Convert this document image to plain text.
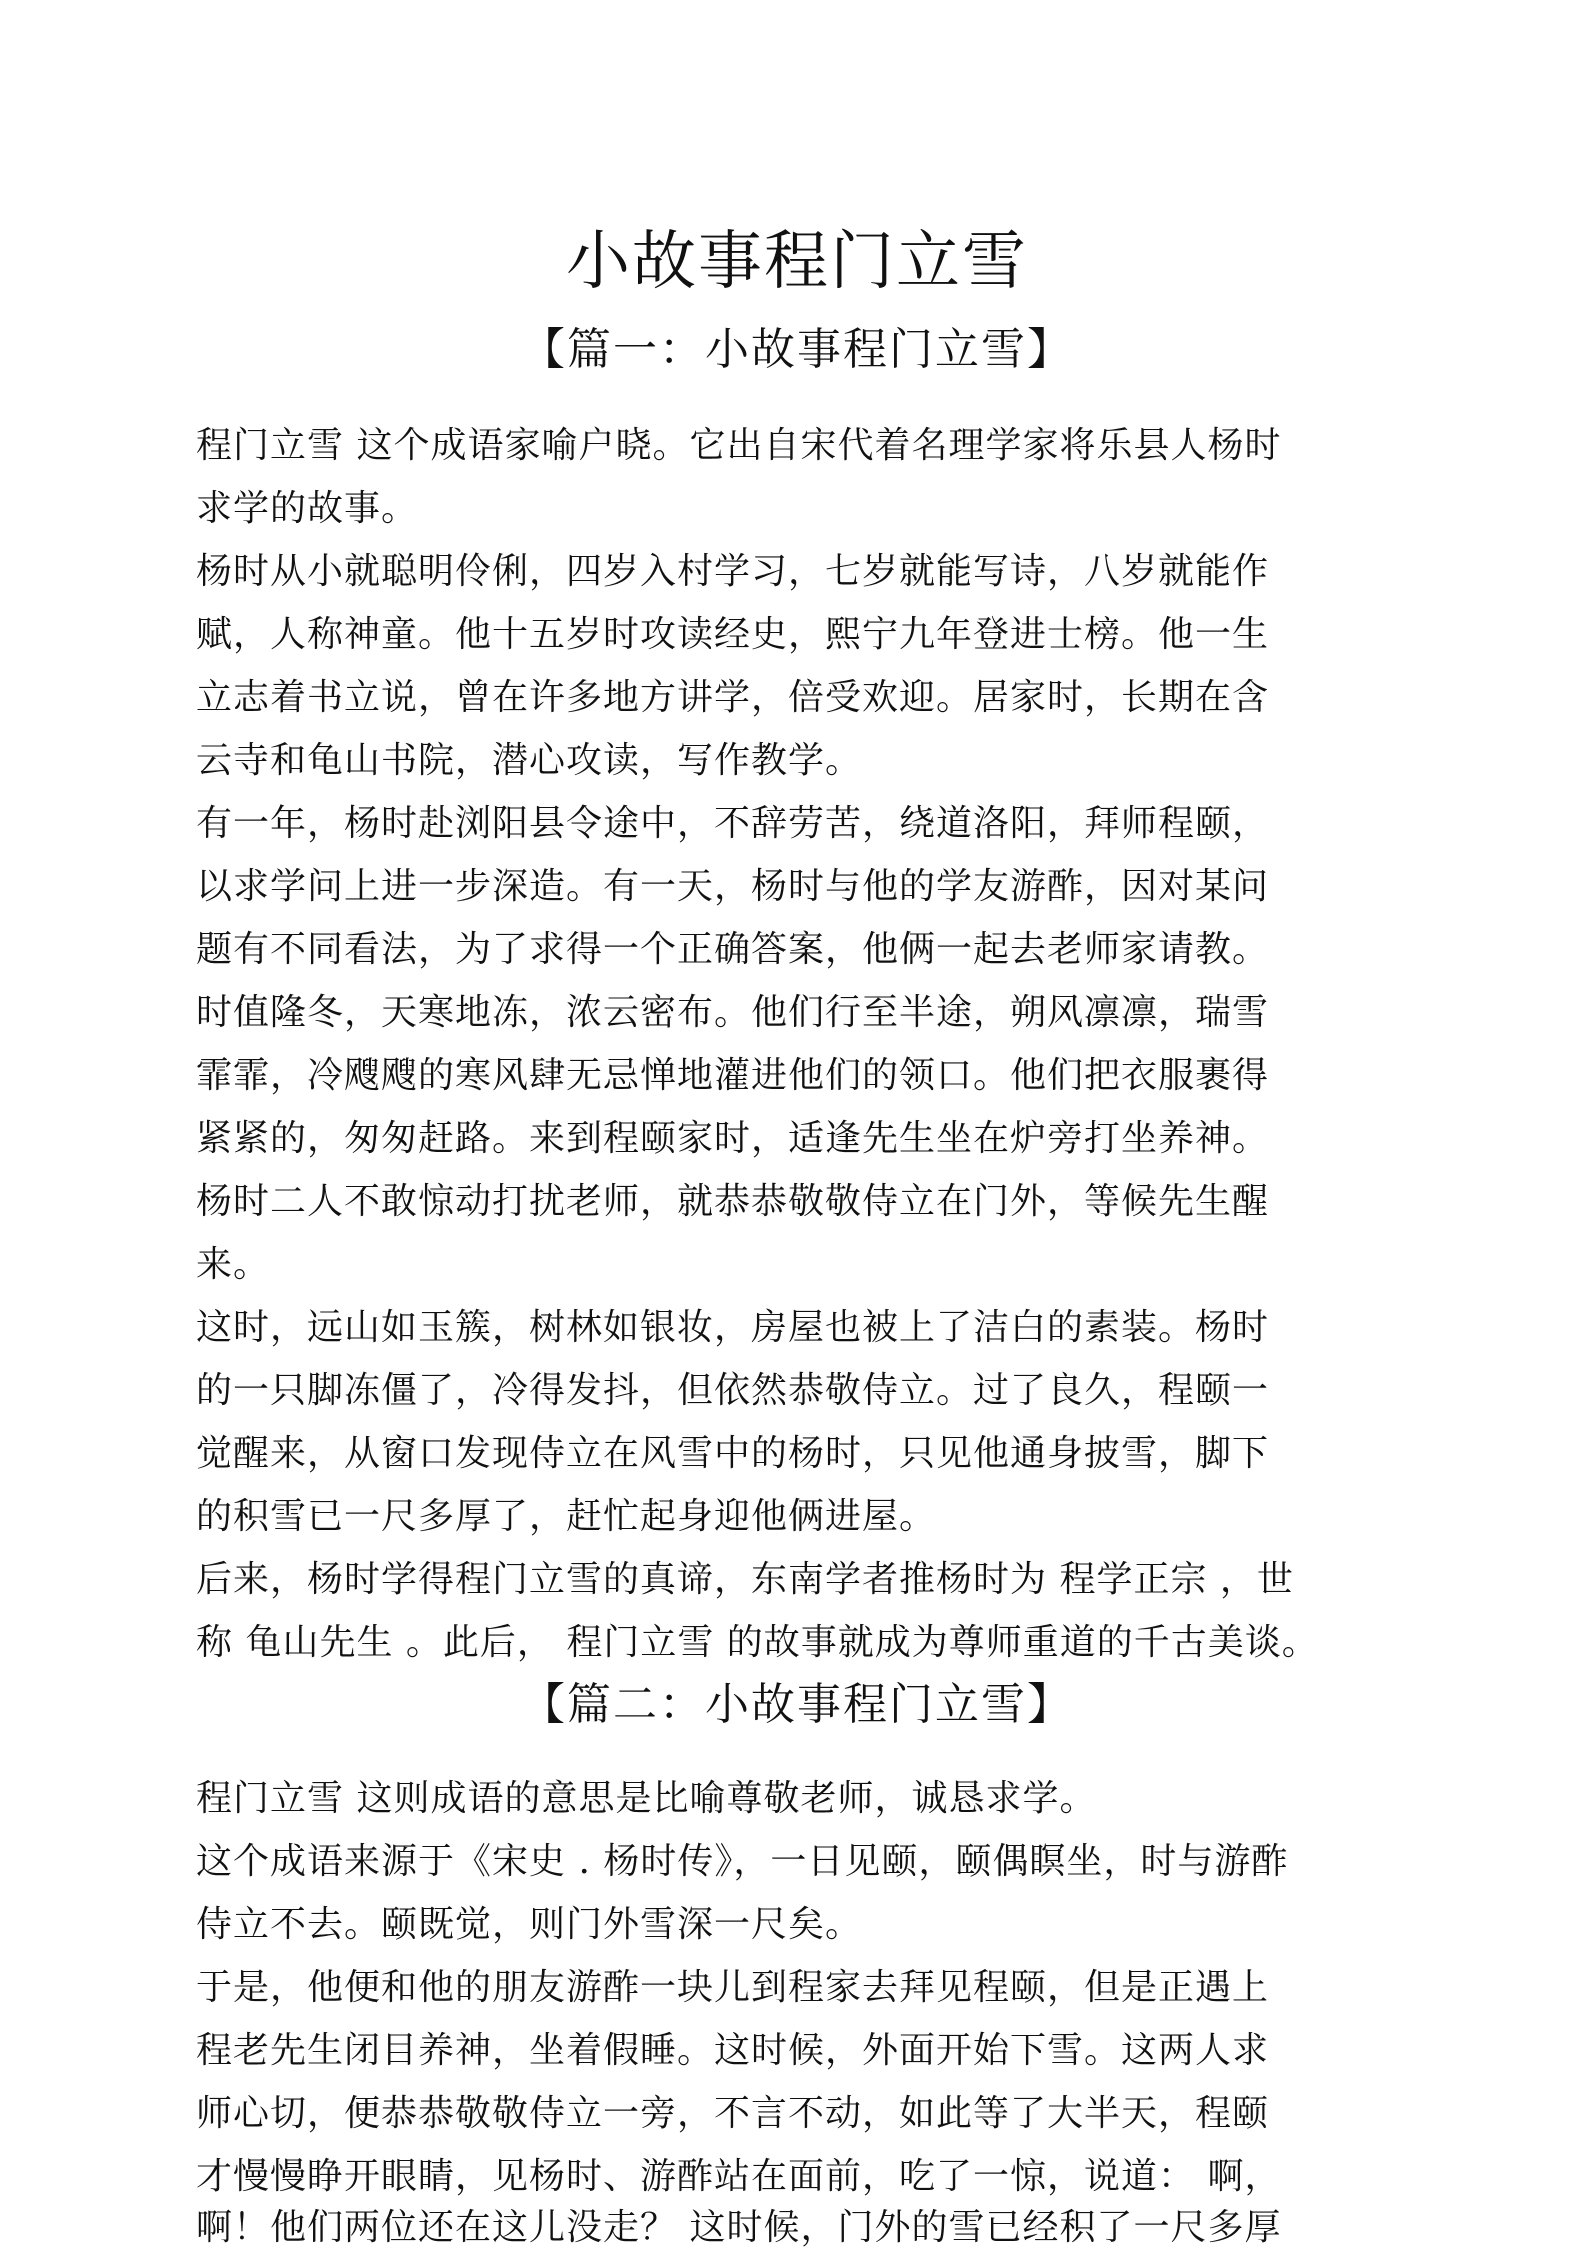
小故事程门立雪
【篇一：小故事程门立雪】
程门立雪 这个成语家喻户晓。它出自宋代着名理学家将乐县人杨时
求学的故事。
杨时从小就聪明伶俐，四岁入村学习，七岁就能写诗，八岁就能作
赋，人称神童。他十五岁时攻读经史，熙宁九年登进士榜。他一生
立志着书立说，曾在许多地方讲学，倍受欢迎。居家时，长期在含
云寺和龟山书院，潜心攻读，写作教学。
有一年，杨时赴浏阳县令途中，不辞劳苦，绕道洛阳，拜师程颐，
以求学问上进一步深造。有一天，杨时与他的学友游酢，因对某问
题有不同看法，为了求得一个正确答案，他俩一起去老师家请教。
时值隆冬，天寒地冻，浓云密布。他们行至半途，朔风凛凛，瑞雪
霏霏，冷飕飕的寒风肆无忌惮地灌进他们的领口。他们把衣服裹得
紧紧的，匆匆赶路。来到程颐家时，适逢先生坐在炉旁打坐养神。
杨时二人不敢惊动打扰老师，就恭恭敬敬侍立在门外，等候先生醒
来。
这时，远山如玉簇，树林如银妆，房屋也被上了洁白的素装。杨时
的一只脚冻僵了，冷得发抖，但依然恭敬侍立。过了良久，程颐一
觉醒来，从窗口发现侍立在风雪中的杨时，只见他通身披雪，脚下
的积雪已一尺多厚了，赶忙起身迎他俩进屋。
后来，杨时学得程门立雪的真谛，东南学者推杨时为 程学正宗 ，世
称 龟山先生 。此后， 程门立雪 的故事就成为尊师重道的千古美谈。
【篇二：小故事程门立雪】
程门立雪 这则成语的意思是比喻尊敬老师，诚恳求学。
这个成语来源于《宋史 . 杨时传》，一日见颐，颐偶瞑坐，时与游酢
侍立不去。颐既觉，则门外雪深一尺矣。
于是，他便和他的朋友游酢一块儿到程家去拜见程颐，但是正遇上
程老先生闭目养神，坐着假睡。这时候，外面开始下雪。这两人求
师心切，便恭恭敬敬侍立一旁，不言不动，如此等了大半天，程颐
才慢慢睁开眼睛，见杨时、游酢站在面前，吃了一惊，说道： 啊，
啊！他们两位还在这儿没走？ 这时候，门外的雪已经积了一尺多厚
